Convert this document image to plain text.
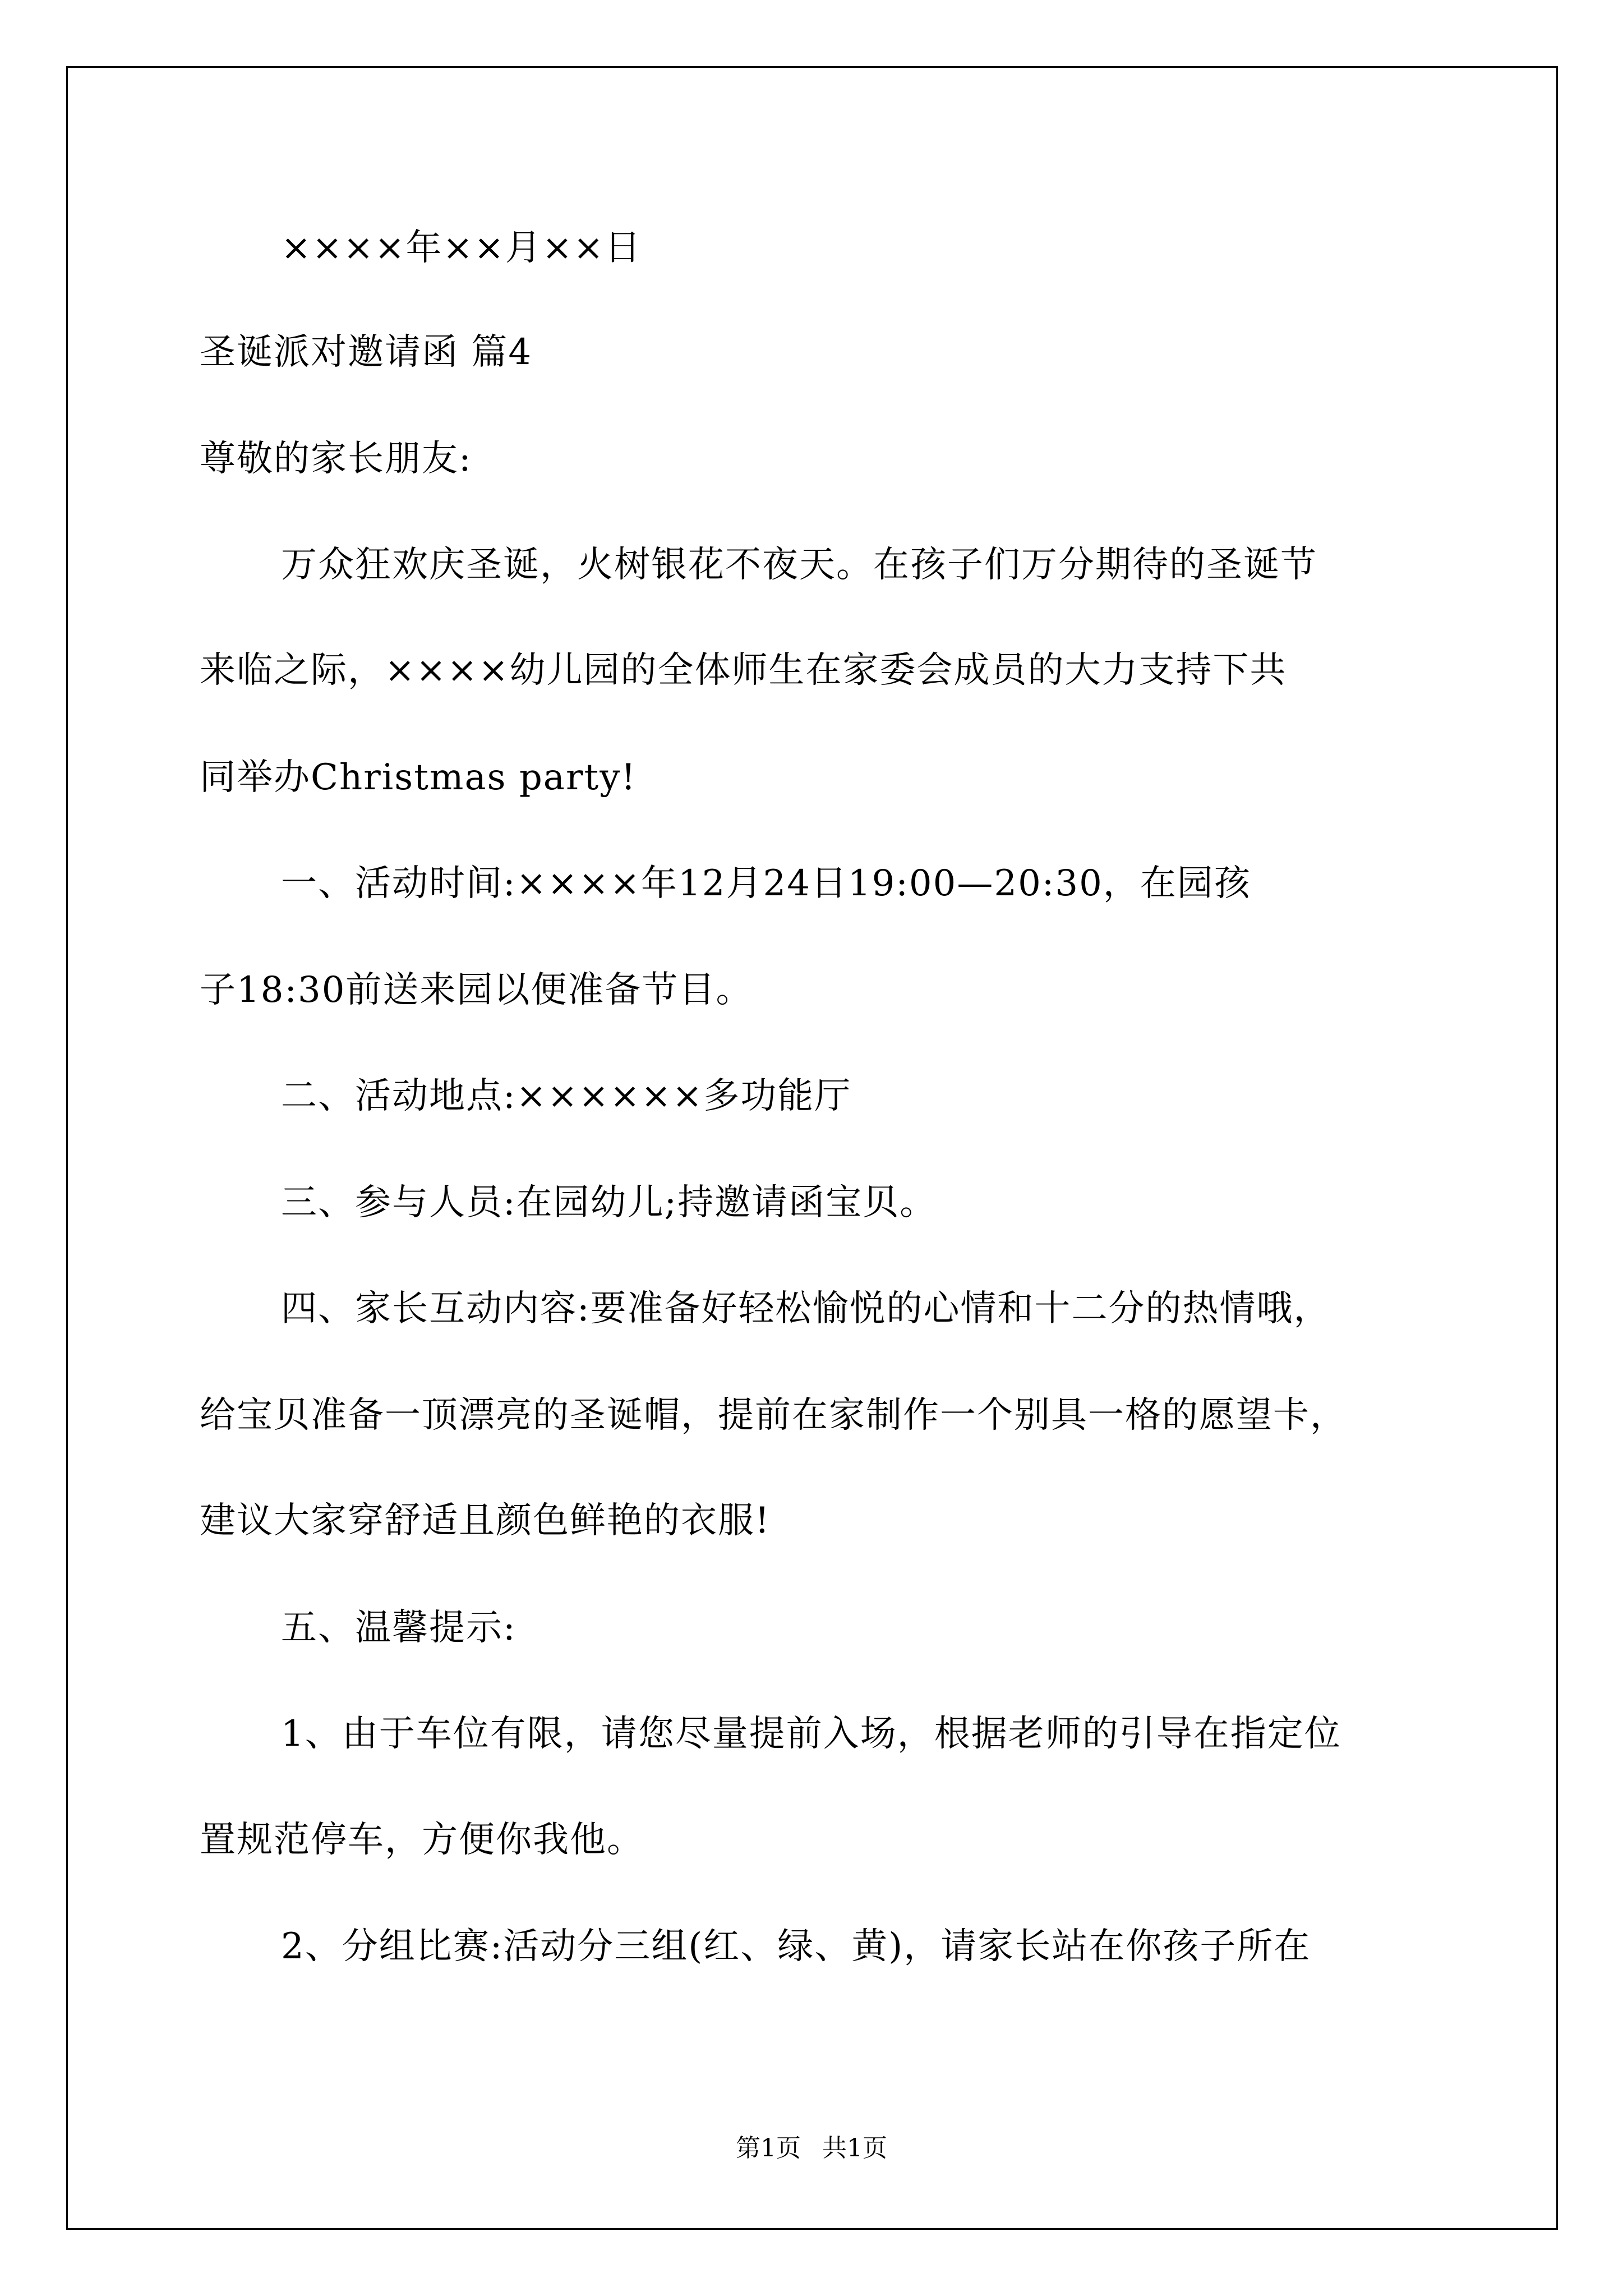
××××年××月××日
圣诞派对邀请函 篇4
尊敬的家长朋友:
万众狂欢庆圣诞，火树银花不夜天。在孩子们万分期待的圣诞节
来临之际，××××幼儿园的全体师生在家委会成员的大力支持下共
同举办Christmas party!
一、活动时间:××××年12月24日19:00—20:30，在园孩
子18:30前送来园以便准备节目。
二、活动地点:××××××多功能厅
三、参与人员:在园幼儿;持邀请函宝贝。
四、家长互动内容:要准备好轻松愉悦的心情和十二分的热情哦，
给宝贝准备一顶漂亮的圣诞帽，提前在家制作一个别具一格的愿望卡，
建议大家穿舒适且颜色鲜艳的衣服!
五、温馨提示:
1、由于车位有限，请您尽量提前入场，根据老师的引导在指定位
置规范停车，方便你我他。
2、分组比赛:活动分三组(红、绿、黄)，请家长站在你孩子所在
第1页 共1页
